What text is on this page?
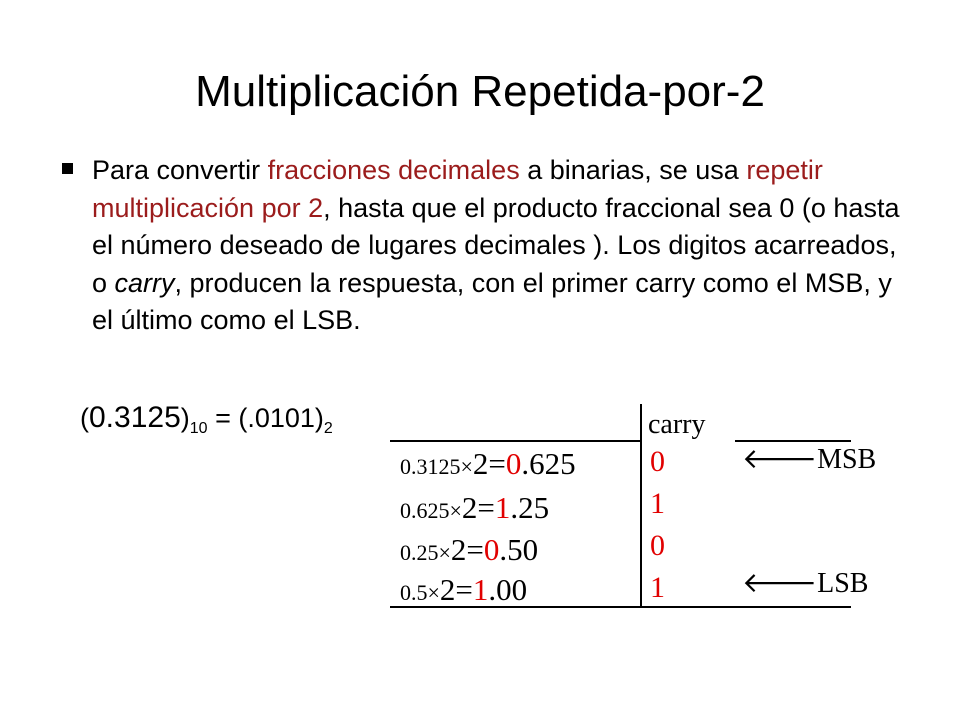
Multiplicación Repetida-por-2
Para convertir fracciones decimales a binarias, se usa repetir multiplicación por 2, hasta que el producto fraccional sea 0 (o hasta el número deseado de lugares decimales ). Los digitos acarreados, o carry, producen la respuesta, con el primer carry como el MSB, y el último como el LSB.
$(0.3125)_{10} = (.0101)_2$	carry
0.3125×2=0.625
0.625×2=1.25
0.25×2=0.50
0.5×2=1.00
0
1
0
1
🡐MSB
🡐LSB
